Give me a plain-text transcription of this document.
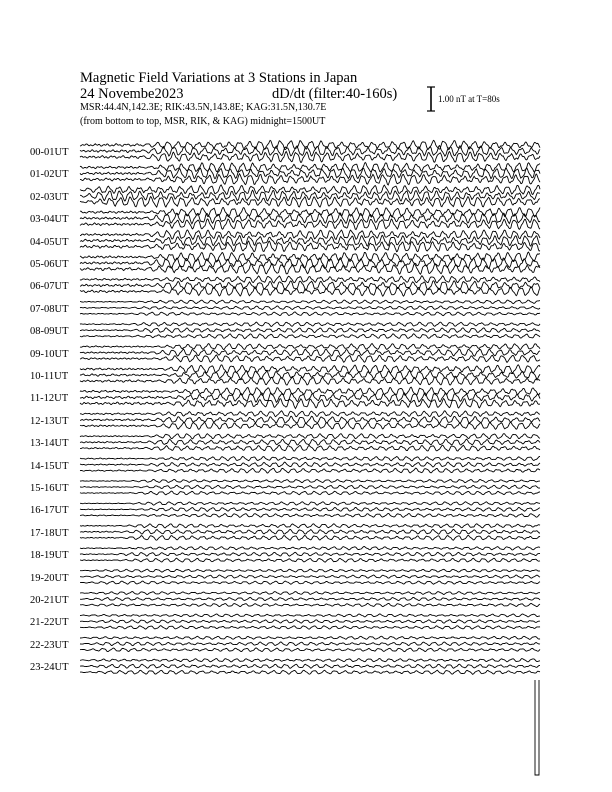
Magnetic Field Variations at 3 Stations in Japan
24 Novembe2023	dD/dt (filter:40-160s)
MSR:44.4N,142.3E; RIK:43.5N,143.8E; KAG:31.5N,130.7E
(from bottom to top, MSR, RIK, & KAG) midnight=1500UT
1.00 nT at T=80s
00-01UT
01-02UT
02-03UT
03-04UT
04-05UT
05-06UT
06-07UT
07-08UT
08-09UT
09-10UT
10-11UT
11-12UT
12-13UT
13-14UT
14-15UT
15-16UT
16-17UT
17-18UT
18-19UT
19-20UT
20-21UT
21-22UT
22-23UT
23-24UT
